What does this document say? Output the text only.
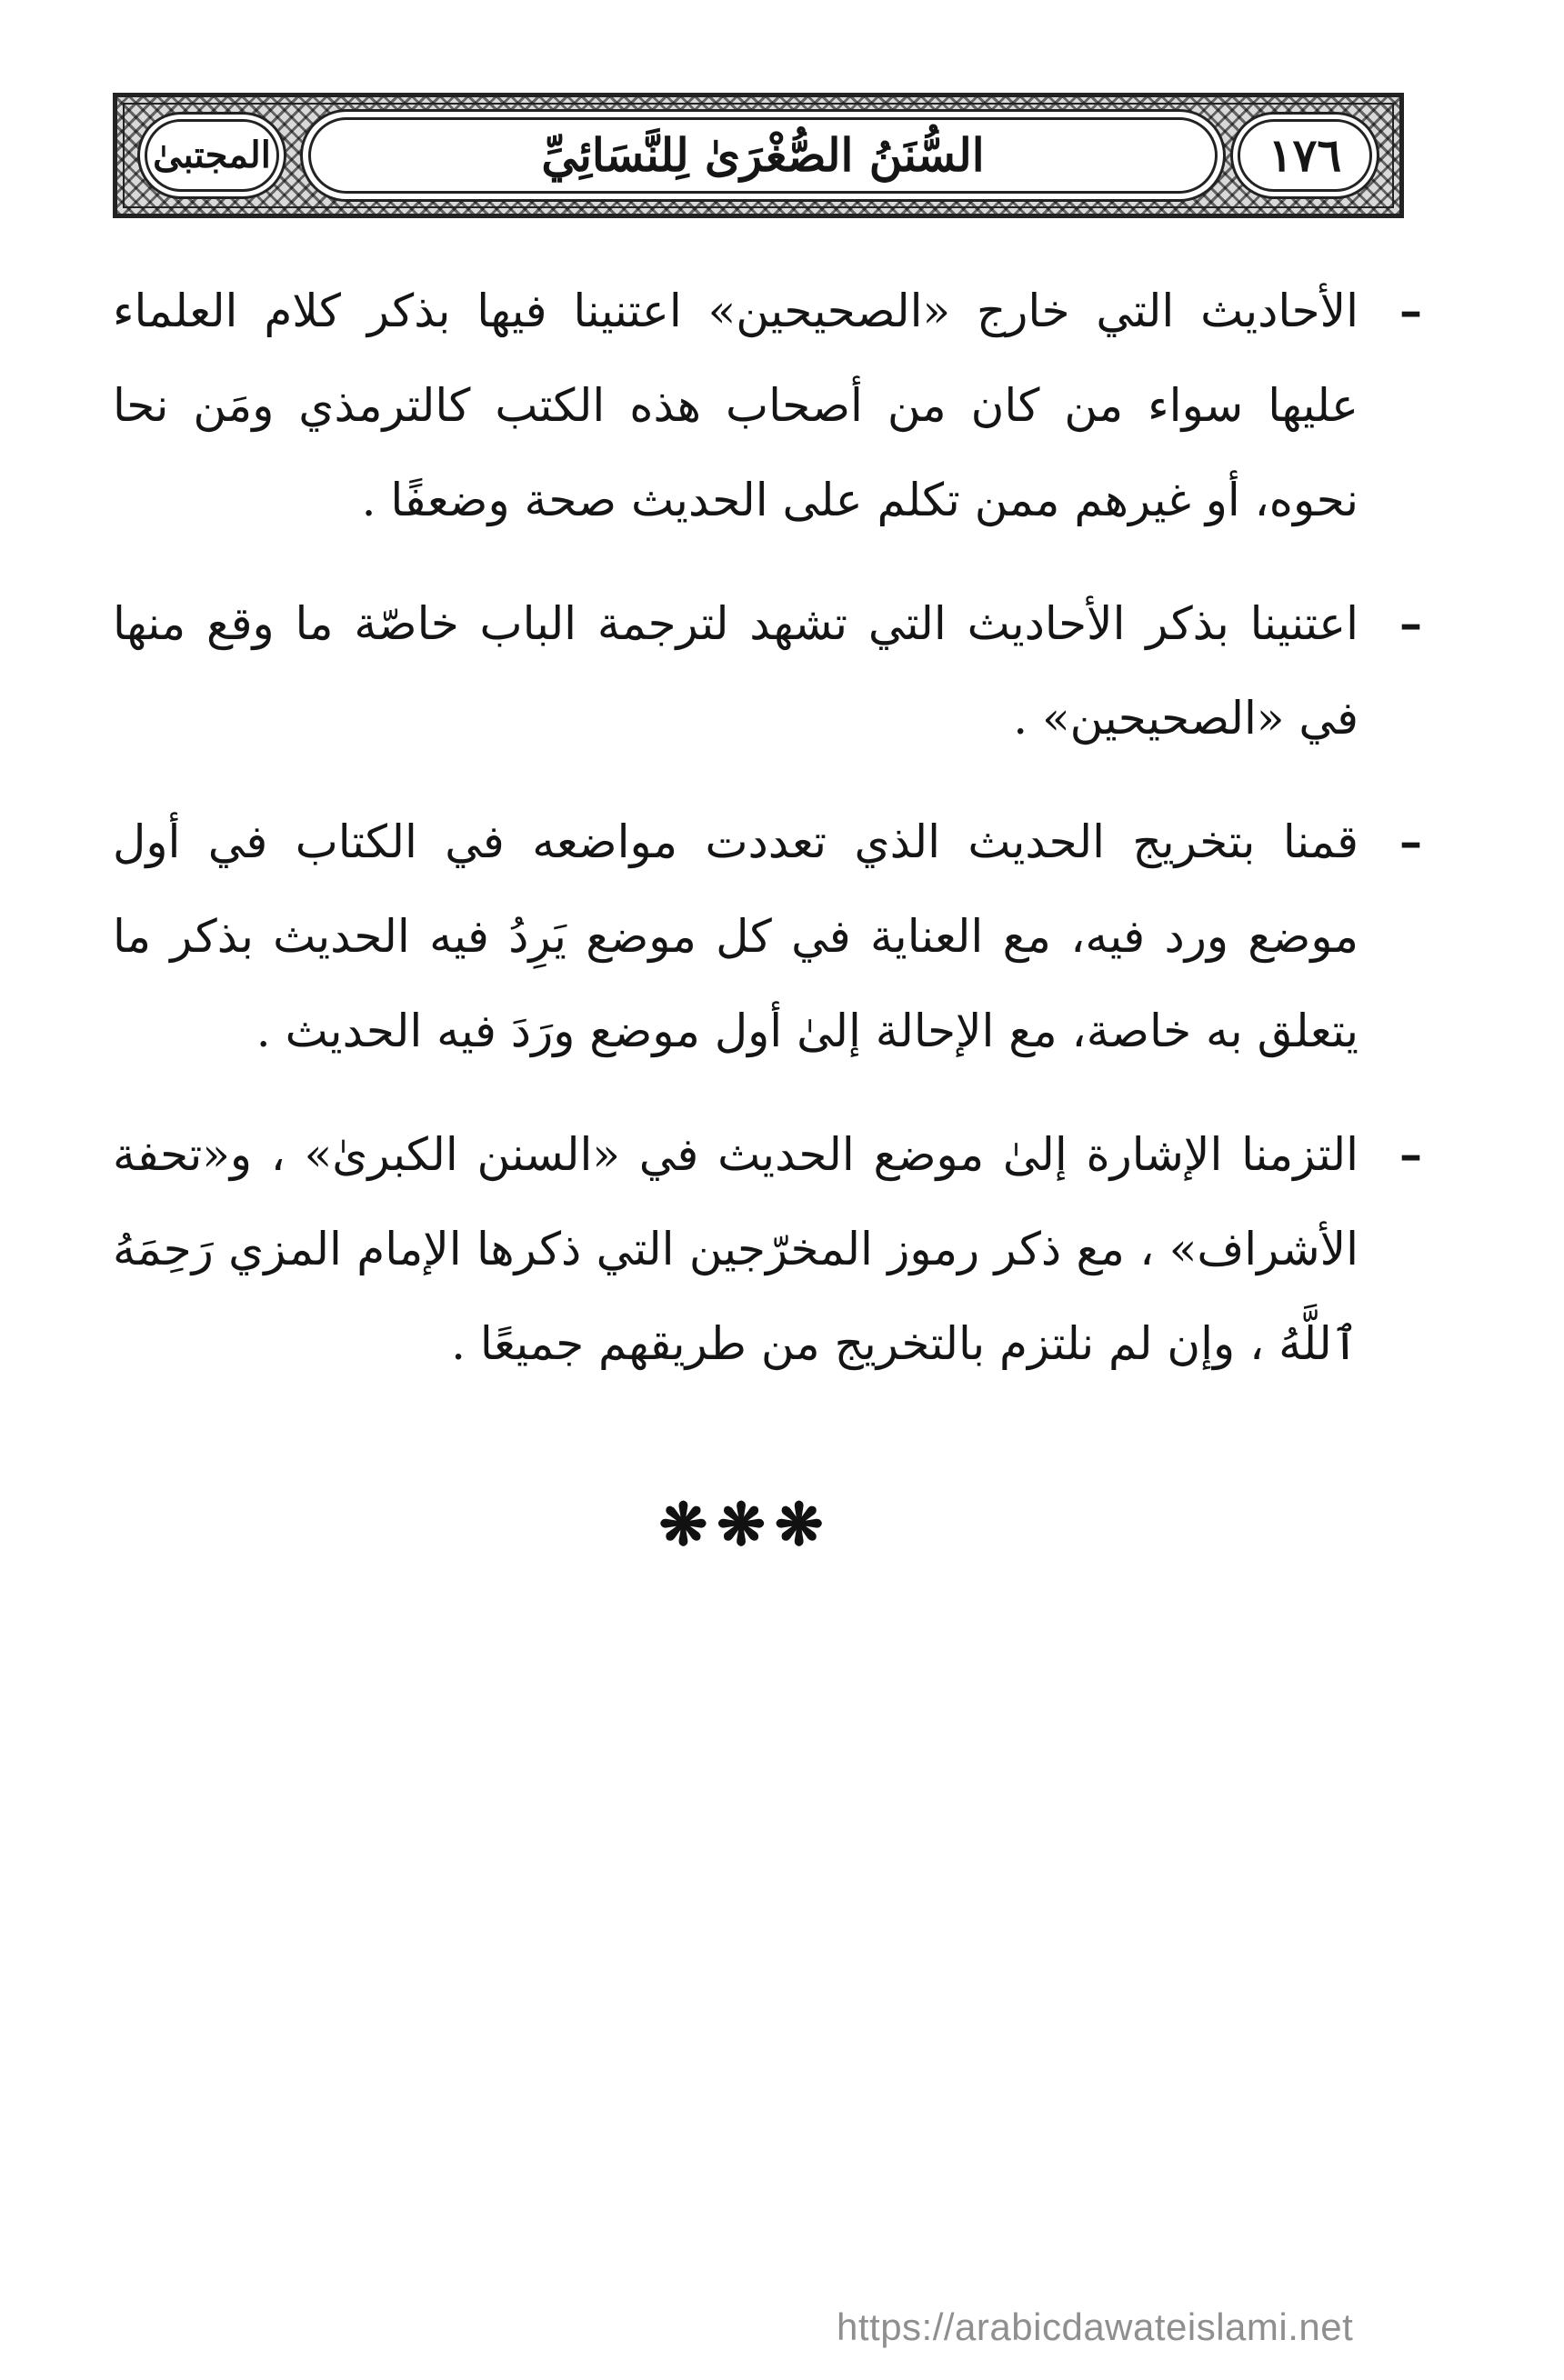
المجتبىٰ	السُّنَنُ الصُّغْرَىٰ لِلنَّسَائِيِّ	١٧٦

–
الأحاديث التي خارج «الصحيحين» اعتنينا فيها بذكر كلام العلماء عليها سواء من كان من أصحاب هذه الكتب كالترمذي ومَن نحا نحوه، أو غيرهم ممن تكلم على الحديث صحة وضعفًا .

–
اعتنينا بذكر الأحاديث التي تشهد لترجمة الباب خاصّة ما وقع منها في «الصحيحين» .

–
قمنا بتخريج الحديث الذي تعددت مواضعه في الكتاب في أول موضع ورد فيه، مع العناية في كل موضع يَرِدُ فيه الحديث بذكر ما يتعلق به خاصة، مع الإحالة إلىٰ أول موضع ورَدَ فيه الحديث .

–
التزمنا الإشارة إلىٰ موضع الحديث في «السنن الكبرىٰ» ، و«تحفة الأشراف» ، مع ذكر رموز المخرّجين التي ذكرها الإمام المزي رَحِمَهُ ٱللَّهُ ، وإن لم نلتزم بالتخريج من طريقهم جميعًا .

❋❋❋
https://arabicdawateislami.net
